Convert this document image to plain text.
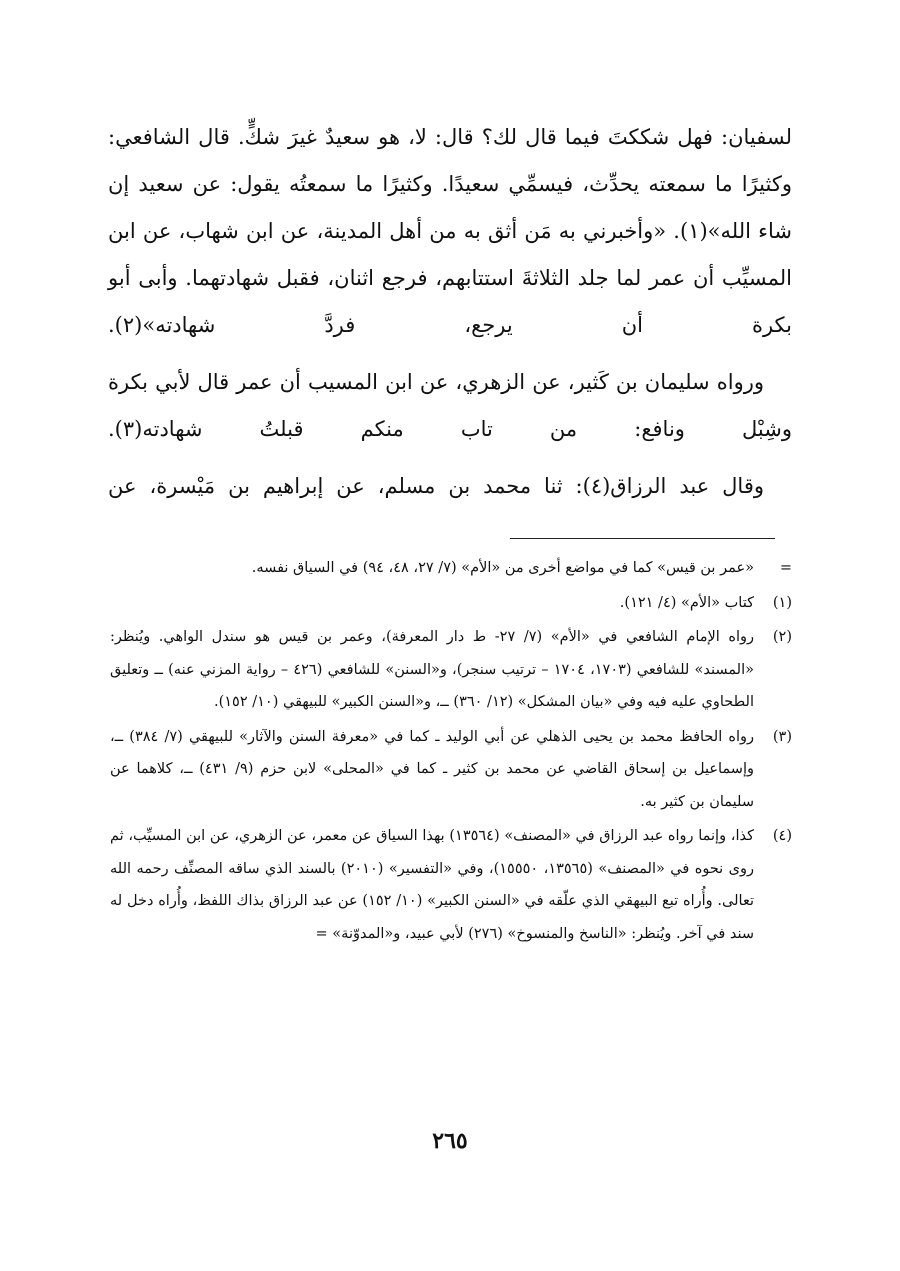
لسفيان: فهل شككتَ فيما قال لك؟ قال: لا، هو سعيدٌ غيرَ شكٍّ. قال الشافعي: وكثيرًا ما سمعته يحدِّث، فيسمِّي سعيدًا. وكثيرًا ما سمعتُه يقول: عن سعيد إن شاء الله»(١). «وأخبرني به مَن أثق به من أهل المدينة، عن ابن شهاب، عن ابن المسيِّب أن عمر لما جلد الثلاثةَ استتابهم، فرجع اثنان، فقبل شهادتهما. وأبى أبو بكرة أن يرجع، فردَّ شهادته»(٢).

ورواه سليمان بن كَثير، عن الزهري، عن ابن المسيب أن عمر قال لأبي بكرة وشِبْل ونافع: من تاب منكم قبلتُ شهادته(٣).

وقال عبد الرزاق(٤): ثنا محمد بن مسلم، عن إبراهيم بن مَيْسرة، عن

=
«عمر بن قيس» كما في مواضع أخرى من «الأم» (٧/ ٢٧، ٤٨، ٩٤) في السياق نفسه.
(١)
كتاب «الأم» (٤/ ١٢١).
(٢)
رواه الإمام الشافعي في «الأم» (٧/ ٢٧- ط دار المعرفة)، وعمر بن قيس هو سندل الواهي. ويُنظر: «المسند» للشافعي (١٧٠٣، ١٧٠٤ – ترتيب سنجر)، و«السنن» للشافعي (٤٢٦ – رواية المزني عنه) ــ وتعليق الطحاوي عليه فيه وفي «بيان المشكل» (١٢/ ٣٦٠) ــ، و«السنن الكبير» للبيهقي (١٠/ ١٥٢).
(٣)
رواه الحافظ محمد بن يحيى الذهلي عن أبي الوليد ـ كما في «معرفة السنن والآثار» للبيهقي (٧/ ٣٨٤) ــ، وإسماعيل بن إسحاق القاضي عن محمد بن كثير ـ كما في «المحلى» لابن حزم (٩/ ٤٣١) ــ، كلاهما عن سليمان بن كثير به.
(٤)
كذا، وإنما رواه عبد الرزاق في «المصنف» (١٣٥٦٤) بهذا السياق عن معمر، عن الزهري، عن ابن المسيِّب، ثم روى نحوه في «المصنف» (١٣٥٦٥، ١٥٥٥٠)، وفي «التفسير» (٢٠١٠) بالسند الذي ساقه المصنِّف رحمه الله تعالى. وأُراه تبع البيهقي الذي علّقه في «السنن الكبير» (١٠/ ١٥٢) عن عبد الرزاق بذاك اللفظ، وأُراه دخل له سند في آخر. ويُنظر: «الناسخ والمنسوخ» (٢٧٦) لأبي عبيد، و«المدوّنة» =
٢٦٥
